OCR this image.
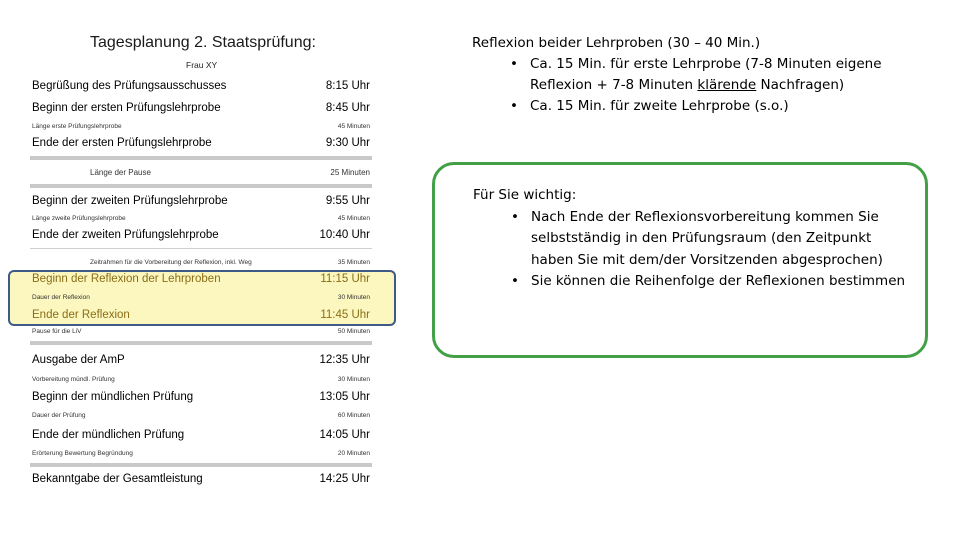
Tagesplanung 2. Staatsprüfung:
Frau XY
Begrüßung des Prüfungsausschusses	8:15 Uhr
Beginn der ersten Prüfungslehrprobe	8:45 Uhr
Länge erste Prüfungslehrprobe	45 Minuten
Ende der ersten Prüfungslehrprobe	9:30 Uhr
Länge der Pause	25 Minuten
Beginn der zweiten Prüfungslehrprobe	9:55 Uhr
Länge zweite Prüfungslehrprobe	45 Minuten
Ende der zweiten Prüfungslehrprobe	10:40 Uhr
Zeitrahmen für die Vorbereitung der Reflexion, inkl. Weg	35 Minuten
Beginn der Reflexion der Lehrproben	11:15 Uhr
Dauer der Reflexion	30 Minuten
Ende der Reflexion	11:45 Uhr
Pause für die LiV	50 Minuten
Ausgabe der AmP	12:35 Uhr
Vorbereitung mündl. Prüfung	30 Minuten
Beginn der mündlichen Prüfung	13:05 Uhr
Dauer der Prüfung	60 Minuten
Ende der mündlichen Prüfung	14:05 Uhr
Erörterung Bewertung Begründung	20 Minuten
Bekanntgabe der Gesamtleistung	14:25 Uhr
Reflexion beider Lehrproben (30 – 40 Min.)
• Ca. 15 Min. für erste Lehrprobe (7-8 Minuten eigene Reflexion + 7-8 Minuten klärende Nachfragen)
• Ca. 15 Min. für zweite Lehrprobe (s.o.)
Für Sie wichtig:
• Nach Ende der Reflexionsvorbereitung kommen Sie selbstständig in den Prüfungsraum (den Zeitpunkt haben Sie mit dem/der Vorsitzenden abgesprochen)
• Sie können die Reihenfolge der Reflexionen bestimmen
